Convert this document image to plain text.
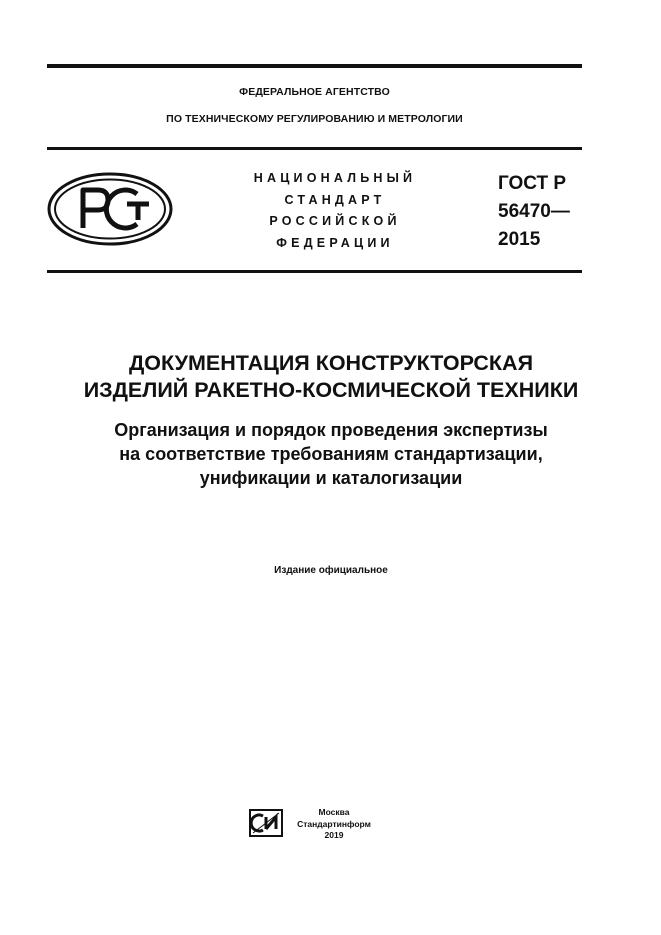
ФЕДЕРАЛЬНОЕ АГЕНТСТВО
ПО ТЕХНИЧЕСКОМУ РЕГУЛИРОВАНИЮ И МЕТРОЛОГИИ
НАЦИОНАЛЬНЫЙ
СТАНДАРТ
РОССИЙСКОЙ
ФЕДЕРАЦИИ
ГОСТ Р
56470—
2015
ДОКУМЕНТАЦИЯ КОНСТРУКТОРСКАЯ
ИЗДЕЛИЙ РАКЕТНО-КОСМИЧЕСКОЙ ТЕХНИКИ
Организация и порядок проведения экспертизы
на соответствие требованиям стандартизации,
унификации и каталогизации
Издание официальное
Москва
Стандартинформ
2019
